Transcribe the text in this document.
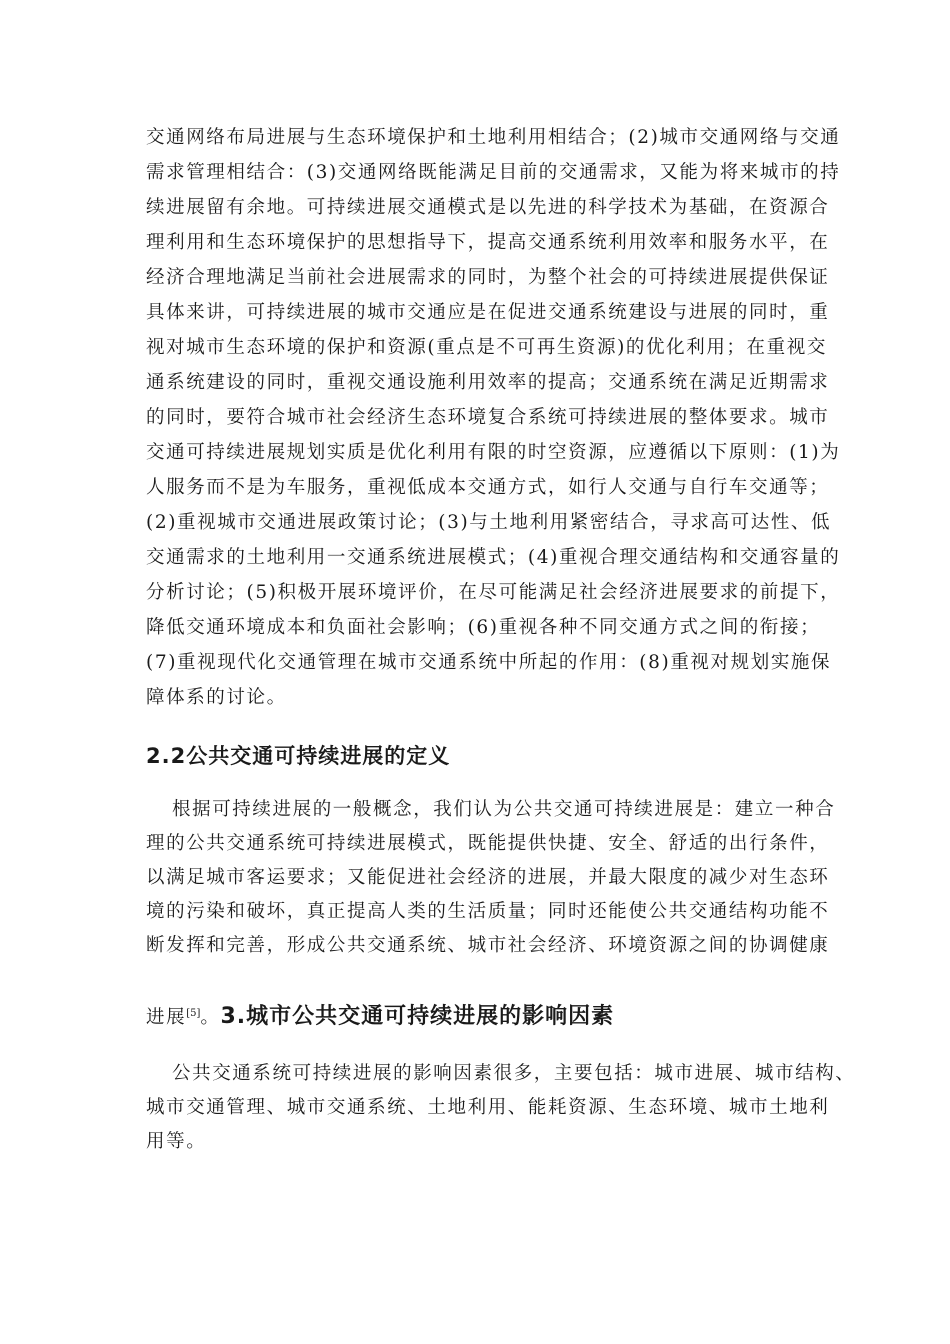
交通网络布局进展与生态环境保护和土地利用相结合；(2)城市交通网络与交通
需求管理相结合：(3)交通网络既能满足目前的交通需求，又能为将来城市的持
续进展留有余地。可持续进展交通模式是以先进的科学技术为基础，在资源合
理利用和生态环境保护的思想指导下，提高交通系统利用效率和服务水平，在
经济合理地满足当前社会进展需求的同时，为整个社会的可持续进展提供保证
具体来讲，可持续进展的城市交通应是在促进交通系统建设与进展的同时，重
视对城市生态环境的保护和资源(重点是不可再生资源)的优化利用；在重视交
通系统建设的同时，重视交通设施利用效率的提高；交通系统在满足近期需求
的同时，要符合城市社会经济生态环境复合系统可持续进展的整体要求。城市
交通可持续进展规划实质是优化利用有限的时空资源，应遵循以下原则：(1)为
人服务而不是为车服务，重视低成本交通方式，如行人交通与自行车交通等；
(2)重视城市交通进展政策讨论；(3)与土地利用紧密结合，寻求高可达性、低
交通需求的土地利用一交通系统进展模式；(4)重视合理交通结构和交通容量的
分析讨论；(5)积极开展环境评价，在尽可能满足社会经济进展要求的前提下，
降低交通环境成本和负面社会影响；(6)重视各种不同交通方式之间的衔接；
(7)重视现代化交通管理在城市交通系统中所起的作用：(8)重视对规划实施保
障体系的讨论。
2.2公共交通可持续进展的定义
根据可持续进展的一般概念，我们认为公共交通可持续进展是：建立一种合
理的公共交通系统可持续进展模式，既能提供快捷、安全、舒适的出行条件，
以满足城市客运要求；又能促进社会经济的进展，并最大限度的减少对生态环
境的污染和破坏，真正提高人类的生活质量；同时还能使公共交通结构功能不
断发挥和完善，形成公共交通系统、城市社会经济、环境资源之间的协调健康
进展[5]。3.城市公共交通可持续进展的影响因素
公共交通系统可持续进展的影响因素很多，主要包括：城市进展、城市结构、
城市交通管理、城市交通系统、土地利用、能耗资源、生态环境、城市土地利
用等。
